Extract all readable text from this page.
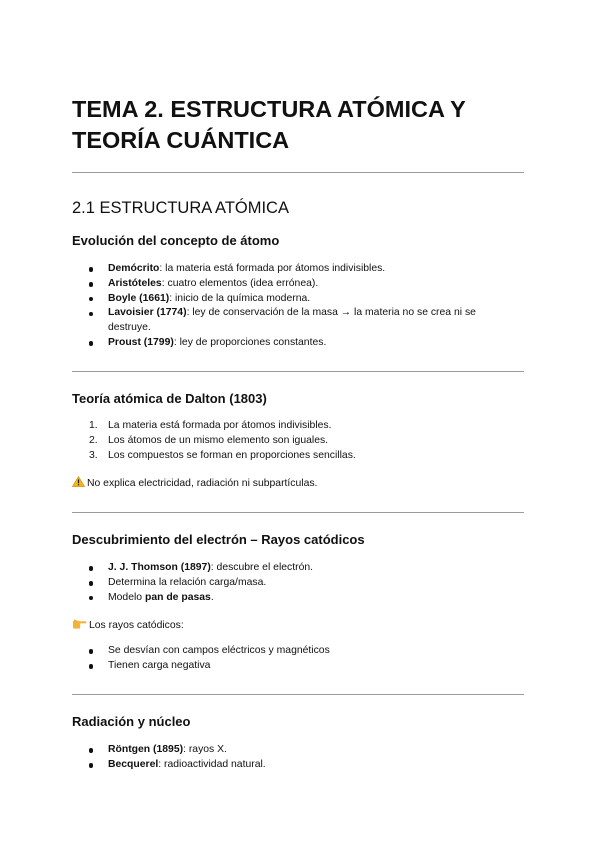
TEMA 2. ESTRUCTURA ATÓMICA Y
TEORÍA CUÁNTICA
2.1 ESTRUCTURA ATÓMICA
Evolución del concepto de átomo
Demócrito: la materia está formada por átomos indivisibles.
Aristóteles: cuatro elementos (idea errónea).
Boyle (1661): inicio de la química moderna.
Lavoisier (1774): ley de conservación de la masa → la materia no se crea ni se destruye.
Proust (1799): ley de proporciones constantes.
Teoría atómica de Dalton (1803)
1. La materia está formada por átomos indivisibles.
2. Los átomos de un mismo elemento son iguales.
3. Los compuestos se forman en proporciones sencillas.
No explica electricidad, radiación ni subpartículas.
Descubrimiento del electrón – Rayos catódicos
J. J. Thomson (1897): descubre el electrón.
Determina la relación carga/masa.
Modelo pan de pasas.
Los rayos catódicos:
Se desvían con campos eléctricos y magnéticos
Tienen carga negativa
Radiación y núcleo
Röntgen (1895): rayos X.
Becquerel: radioactividad natural.
